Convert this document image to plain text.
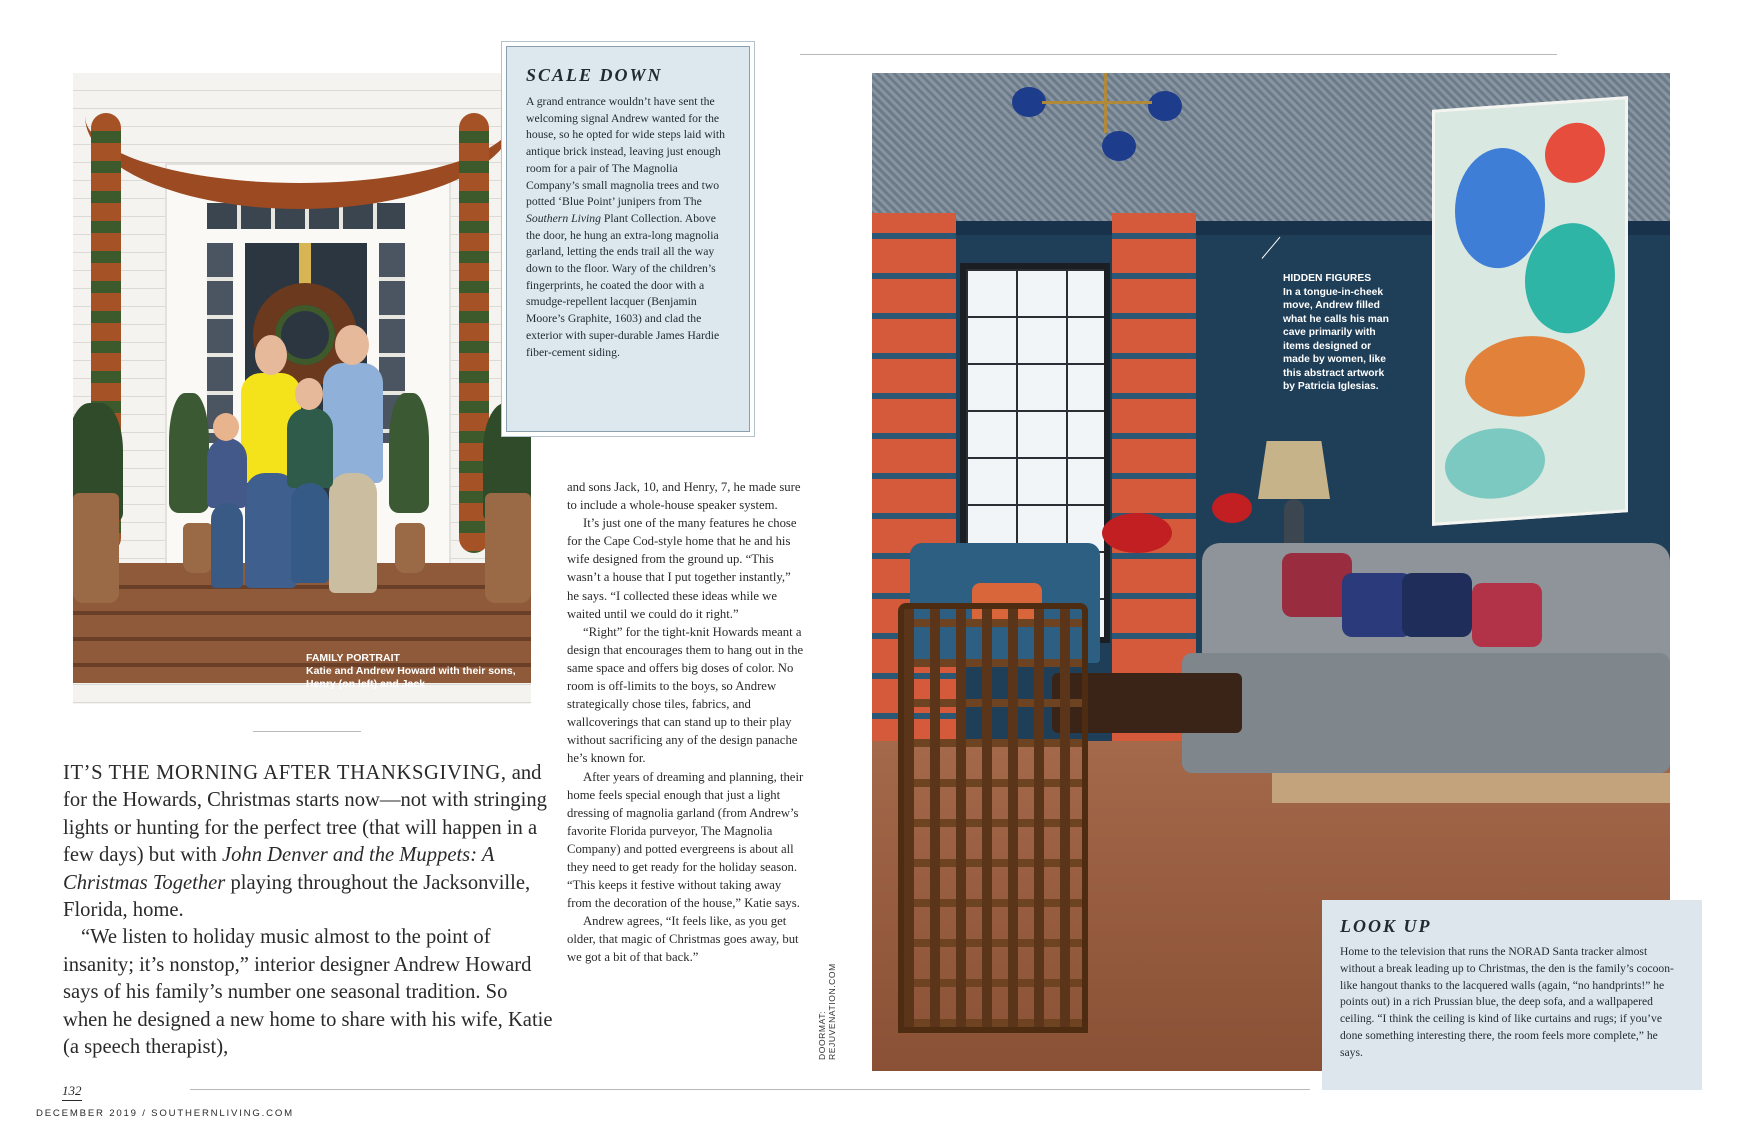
FAMILY PORTRAIT
Katie and Andrew Howard with their sons, Henry (on left) and Jack
SCALE DOWN
A grand entrance wouldn’t have sent the welcoming signal Andrew wanted for the house, so he opted for wide steps laid with antique brick instead, leaving just enough room for a pair of The Magnolia Company’s small magnolia trees and two potted ‘Blue Point’ junipers from The Southern Living Plant Collection. Above the door, he hung an extra-long magnolia garland, letting the ends trail all the way down to the floor. Wary of the children’s fingerprints, he coated the door with a smudge-repellent lacquer (Benjamin Moore’s Graphite, 1603) and clad the exterior with super-durable James Hardie fiber-cement siding.

IT’S THE MORNING AFTER THANKSGIVING, and for the Howards, Christmas starts now—not with stringing lights or hunting for the perfect tree (that will happen in a few days) but with John Denver and the Muppets: A Christmas Together playing throughout the Jacksonville, Florida, home.

“We listen to holiday music almost to the point of insanity; it’s nonstop,” interior designer Andrew Howard says of his family’s number one seasonal tradition. So when he designed a new home to share with his wife, Katie (a speech therapist),

and sons Jack, 10, and Henry, 7, he made sure to include a whole-house speaker system.

It’s just one of the many features he chose for the Cape Cod-style home that he and his wife designed from the ground up. “This wasn’t a house that I put together instantly,” he says. “I collected these ideas while we waited until we could do it right.”

“Right” for the tight-knit Howards meant a design that encourages them to hang out in the same space and offers big doses of color. No room is off-limits to the boys, so Andrew strategically chose tiles, fabrics, and wallcoverings that can stand up to their play without sacrificing any of the design panache he’s known for.

After years of dreaming and planning, their home feels special enough that just a light dressing of magnolia garland (from Andrew’s favorite Florida purveyor, The Magnolia Company) and potted evergreens is about all they need to get ready for the holiday season. “This keeps it festive without taking away from the decoration of the house,” Katie says.

Andrew agrees, “It feels like, as you get older, that magic of Christmas goes away, but we got a bit of that back.”

DOORMAT: REJUVENATION.COM
HIDDEN FIGURES
In a tongue-in-cheek move, Andrew filled what he calls his man cave primarily with items designed or made by women, like this abstract artwork by Patricia Iglesias.
LOOK UP
Home to the television that runs the NORAD Santa tracker almost without a break leading up to Christmas, the den is the family’s cocoon-like hangout thanks to the lacquered walls (again, “no handprints!” he points out) in a rich Prussian blue, the deep sofa, and a wallpapered ceiling. “I think the ceiling is kind of like curtains and rugs; if you’ve done something interesting there, the room feels more complete,” he says.
132
DECEMBER 2019 / SOUTHERNLIVING.COM
